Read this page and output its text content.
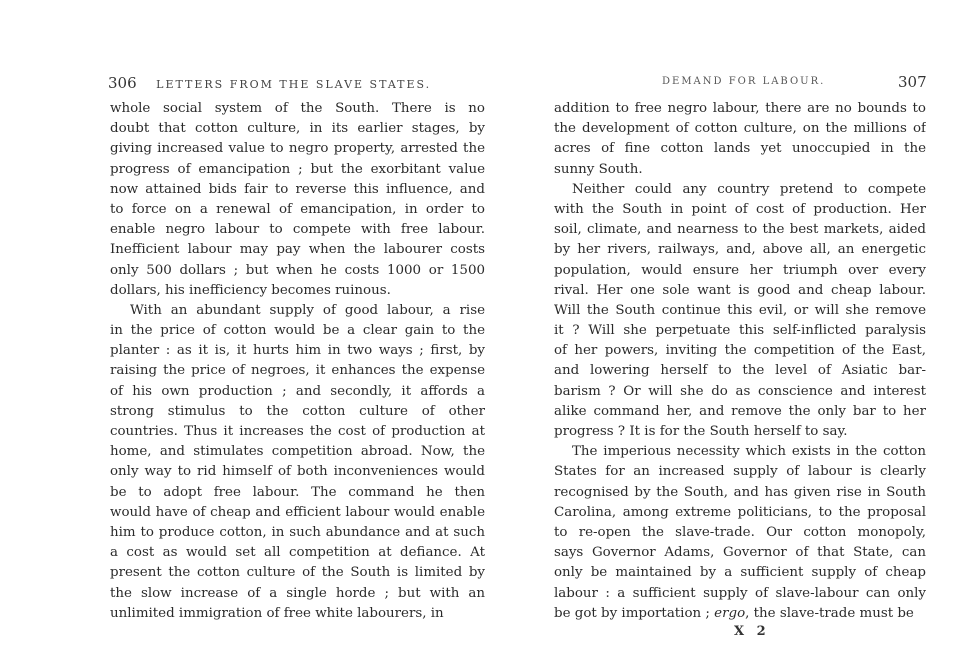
306 LETTERS FROM THE SLAVE STATES.
whole social system of the South. There is no
doubt that cotton culture, in its earlier stages, by
giving increased value to negro property, arrested the
progress of emancipation ; but the exorbitant value
now attained bids fair to reverse this influence, and
to force on a renewal of emancipation, in order to
enable negro labour to compete with free labour.
Inefficient labour may pay when the labourer costs
only 500 dollars ; but when he costs 1000 or 1500
dollars, his inefficiency becomes ruinous.
With an abundant supply of good labour, a rise
in the price of cotton would be a clear gain to the
planter : as it is, it hurts him in two ways ; first, by
raising the price of negroes, it enhances the expense
of his own production ; and secondly, it affords a
strong stimulus to the cotton culture of other
countries. Thus it increases the cost of production at
home, and stimulates competition abroad. Now, the
only way to rid himself of both inconveniences would
be to adopt free labour. The command he then
would have of cheap and efficient labour would enable
him to produce cotton, in such abundance and at such
a cost as would set all competition at defiance. At
present the cotton culture of the South is limited by
the slow increase of a single horde ; but with an
unlimited immigration of free white labourers, in
DEMAND FOR LABOUR.	307
addition to free negro labour, there are no bounds to
the development of cotton culture, on the millions of
acres of fine cotton lands yet unoccupied in the
sunny South.
Neither could any country pretend to compete
with the South in point of cost of production. Her
soil, climate, and nearness to the best markets, aided
by her rivers, railways, and, above all, an energetic
population, would ensure her triumph over every
rival. Her one sole want is good and cheap labour.
Will the South continue this evil, or will she remove
it ? Will she perpetuate this self-inflicted paralysis
of her powers, inviting the competition of the East,
and lowering herself to the level of Asiatic bar-
barism ? Or will she do as conscience and interest
alike command her, and remove the only bar to her
progress ? It is for the South herself to say.
The imperious necessity which exists in the cotton
States for an increased supply of labour is clearly
recognised by the South, and has given rise in South
Carolina, among extreme politicians, to the proposal
to re-open the slave-trade. Our cotton monopoly,
says Governor Adams, Governor of that State, can
only be maintained by a sufficient supply of cheap
labour : a sufficient supply of slave-labour can only
be got by importation ; ergo, the slave-trade must be
X 2
